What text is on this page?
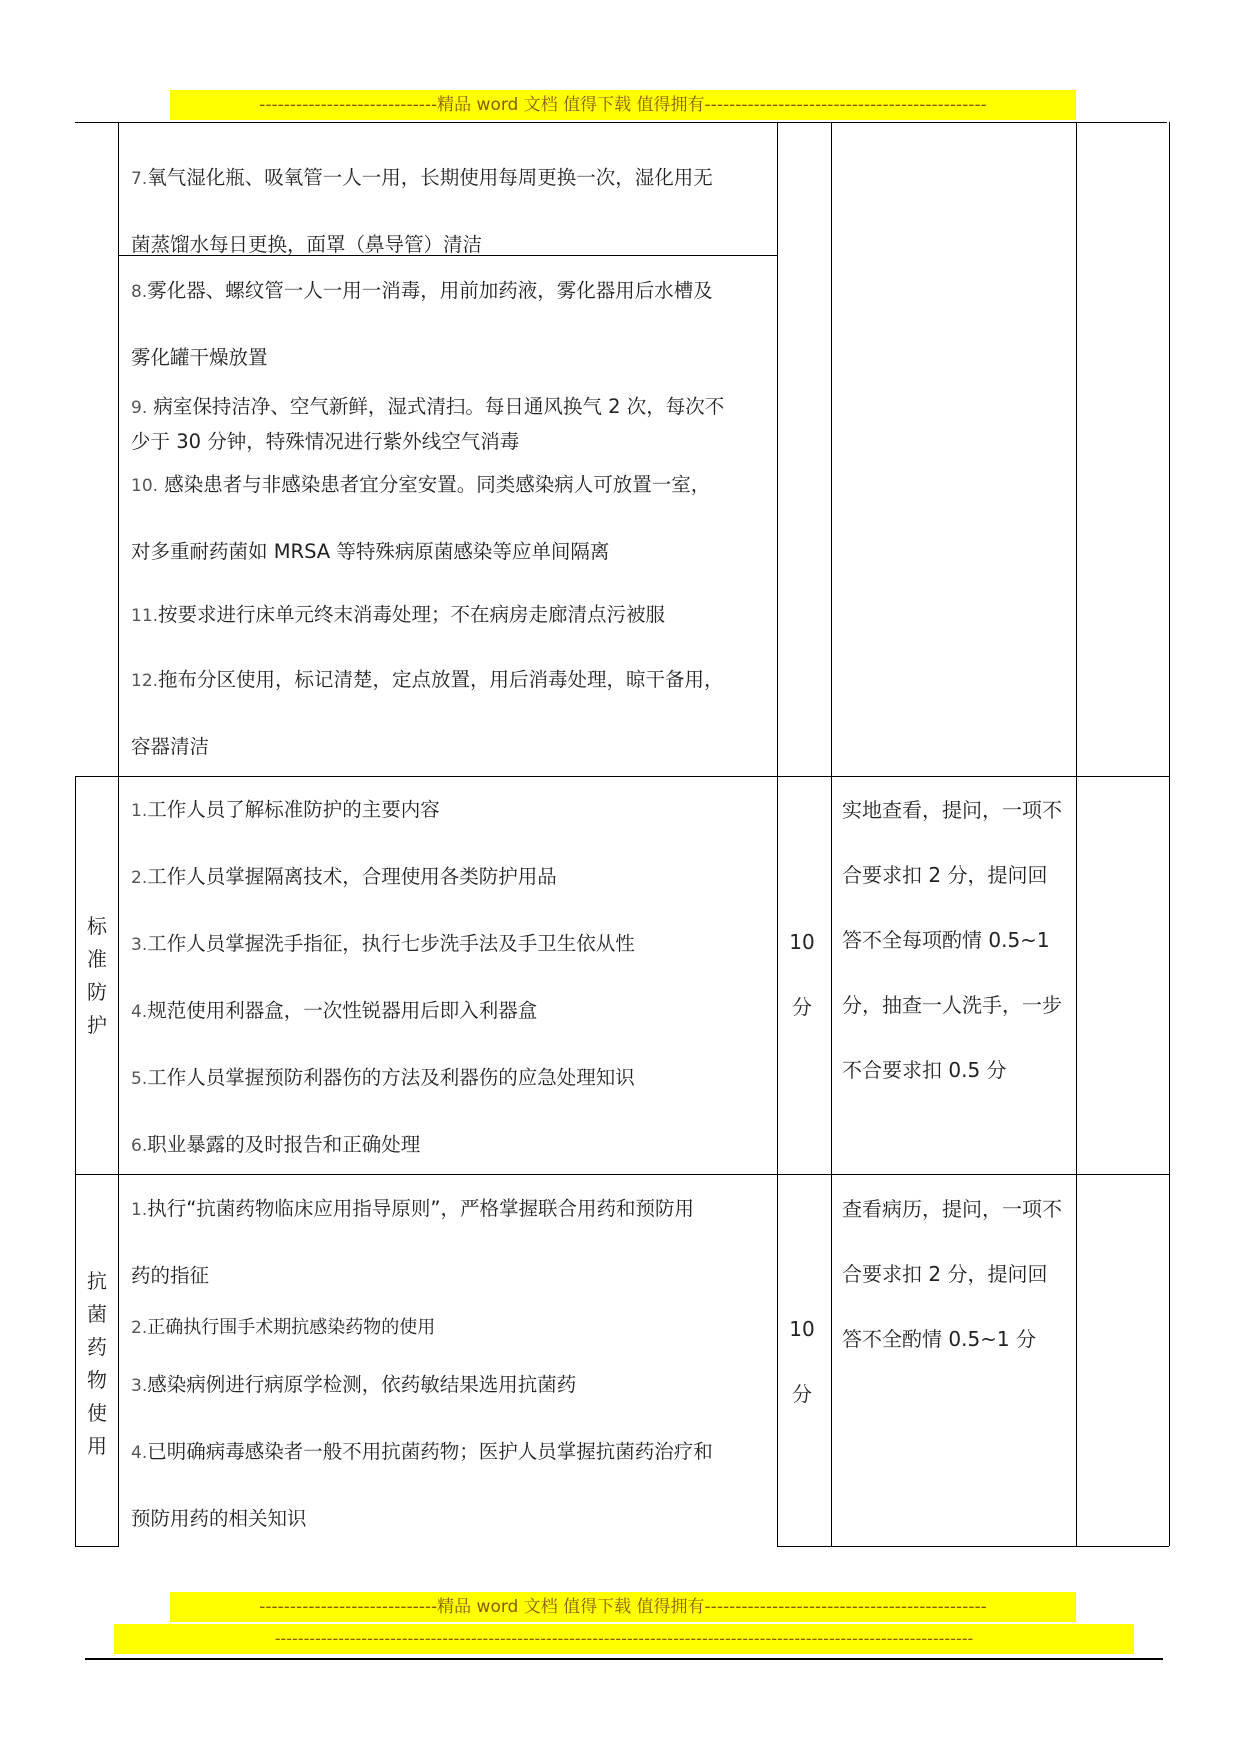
-----------------------------精品 word 文档 值得下载 值得拥有----------------------------------------------
7.氧气湿化瓶、吸氧管一人一用，长期使用每周更换一次，湿化用无
菌蒸馏水每日更换，面罩（鼻导管）清洁
8.雾化器、螺纹管一人一用一消毒，用前加药液，雾化器用后水槽及
雾化罐干燥放置
9. 病室保持洁净、空气新鲜，湿式清扫。每日通风换气 2 次，每次不
少于 30 分钟，特殊情况进行紫外线空气消毒
10. 感染患者与非感染患者宜分室安置。同类感染病人可放置一室，
对多重耐药菌如 MRSA 等特殊病原菌感染等应单间隔离
11.按要求进行床单元终末消毒处理；不在病房走廊清点污被服
12.拖布分区使用，标记清楚，定点放置，用后消毒处理，晾干备用，
容器清洁
标准防护
1.工作人员了解标准防护的主要内容
2.工作人员掌握隔离技术，合理使用各类防护用品
3.工作人员掌握洗手指征，执行七步洗手法及手卫生依从性
4.规范使用利器盒，一次性锐器用后即入利器盒
5.工作人员掌握预防利器伤的方法及利器伤的应急处理知识
6.职业暴露的及时报告和正确处理
10
分
实地查看，提问，一项不
合要求扣 2 分，提问回
答不全每项酌情 0.5~1
分，抽查一人洗手，一步
不合要求扣 0.5 分
抗菌药物使用
1.执行“抗菌药物临床应用指导原则”，严格掌握联合用药和预防用
药的指征
2.正确执行围手术期抗感染药物的使用
3.感染病例进行病原学检测，依药敏结果选用抗菌药
4.已明确病毒感染者一般不用抗菌药物；医护人员掌握抗菌药治疗和
预防用药的相关知识
10
分
查看病历，提问，一项不
合要求扣 2 分，提问回
答不全酌情 0.5~1 分
-----------------------------精品 word 文档 值得下载 值得拥有----------------------------------------------
-------------------------------------------------------------------------------------------------------------------------
